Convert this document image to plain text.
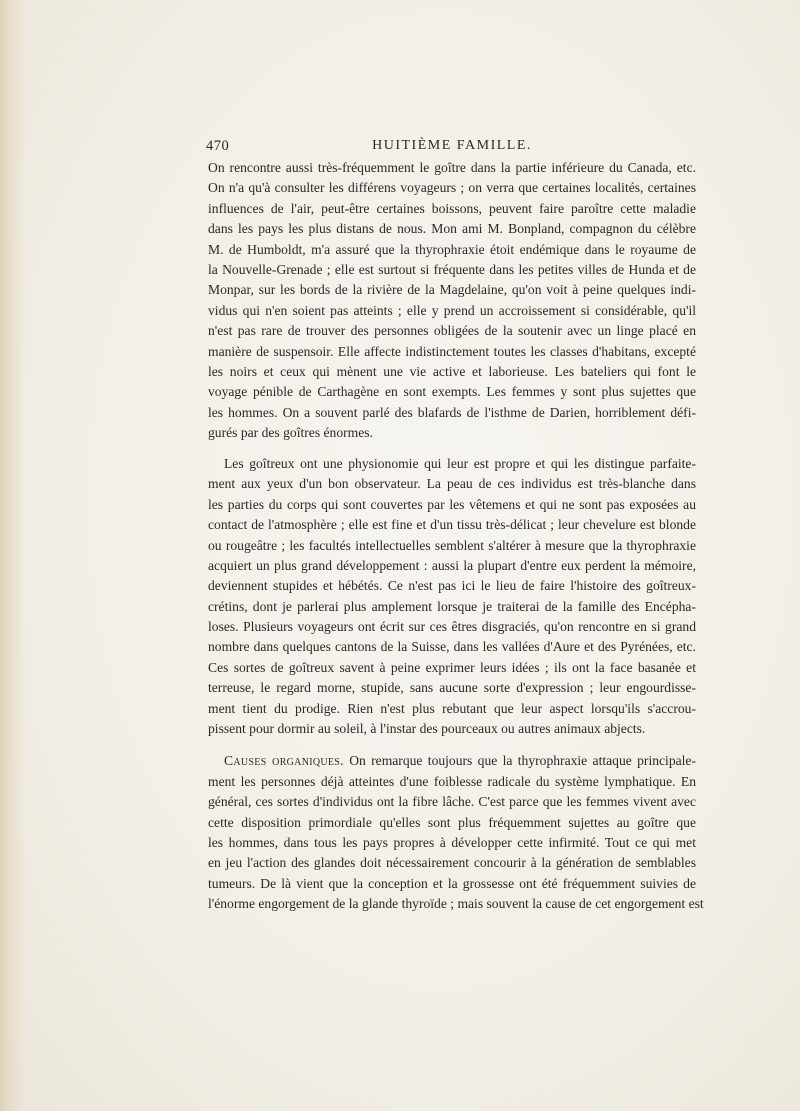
470	HUITIÈME FAMILLE.
On rencontre aussi très-fréquemment le goître dans la partie inférieure du Canada, etc.
On n'a qu'à consulter les différens voyageurs ; on verra que certaines localités, certaines
influences de l'air, peut-être certaines boissons, peuvent faire paroître cette maladie
dans les pays les plus distans de nous. Mon ami M. Bonpland, compagnon du célèbre
M. de Humboldt, m'a assuré que la thyrophraxie étoit endémique dans le royaume de
la Nouvelle-Grenade ; elle est surtout si fréquente dans les petites villes de Hunda et de
Monpar, sur les bords de la rivière de la Magdelaine, qu'on voit à peine quelques indi-
vidus qui n'en soient pas atteints ; elle y prend un accroissement si considérable, qu'il
n'est pas rare de trouver des personnes obligées de la soutenir avec un linge placé en
manière de suspensoir. Elle affecte indistinctement toutes les classes d'habitans, excepté
les noirs et ceux qui mènent une vie active et laborieuse. Les bateliers qui font le
voyage pénible de Carthagène en sont exempts. Les femmes y sont plus sujettes que
les hommes. On a souvent parlé des blafards de l'isthme de Darien, horriblement défi-
gurés par des goîtres énormes.
Les goîtreux ont une physionomie qui leur est propre et qui les distingue parfaite-
ment aux yeux d'un bon observateur. La peau de ces individus est très-blanche dans
les parties du corps qui sont couvertes par les vêtemens et qui ne sont pas exposées au
contact de l'atmosphère ; elle est fine et d'un tissu très-délicat ; leur chevelure est blonde
ou rougeâtre ; les facultés intellectuelles semblent s'altérer à mesure que la thyrophraxie
acquiert un plus grand développement : aussi la plupart d'entre eux perdent la mémoire,
deviennent stupides et hébétés. Ce n'est pas ici le lieu de faire l'histoire des goîtreux-
crétins, dont je parlerai plus amplement lorsque je traiterai de la famille des Encépha-
loses. Plusieurs voyageurs ont écrit sur ces êtres disgraciés, qu'on rencontre en si grand
nombre dans quelques cantons de la Suisse, dans les vallées d'Aure et des Pyrénées, etc.
Ces sortes de goîtreux savent à peine exprimer leurs idées ; ils ont la face basanée et
terreuse, le regard morne, stupide, sans aucune sorte d'expression ; leur engourdisse-
ment tient du prodige. Rien n'est plus rebutant que leur aspect lorsqu'ils s'accrou-
pissent pour dormir au soleil, à l'instar des pourceaux ou autres animaux abjects.
Causes organiques. On remarque toujours que la thyrophraxie attaque principale-
ment les personnes déjà atteintes d'une foiblesse radicale du système lymphatique. En
général, ces sortes d'individus ont la fibre lâche. C'est parce que les femmes vivent avec
cette disposition primordiale qu'elles sont plus fréquemment sujettes au goître que
les hommes, dans tous les pays propres à développer cette infirmité. Tout ce qui met
en jeu l'action des glandes doit nécessairement concourir à la génération de semblables
tumeurs. De là vient que la conception et la grossesse ont été fréquemment suivies de
l'énorme engorgement de la glande thyroïde ; mais souvent la cause de cet engorgement est
